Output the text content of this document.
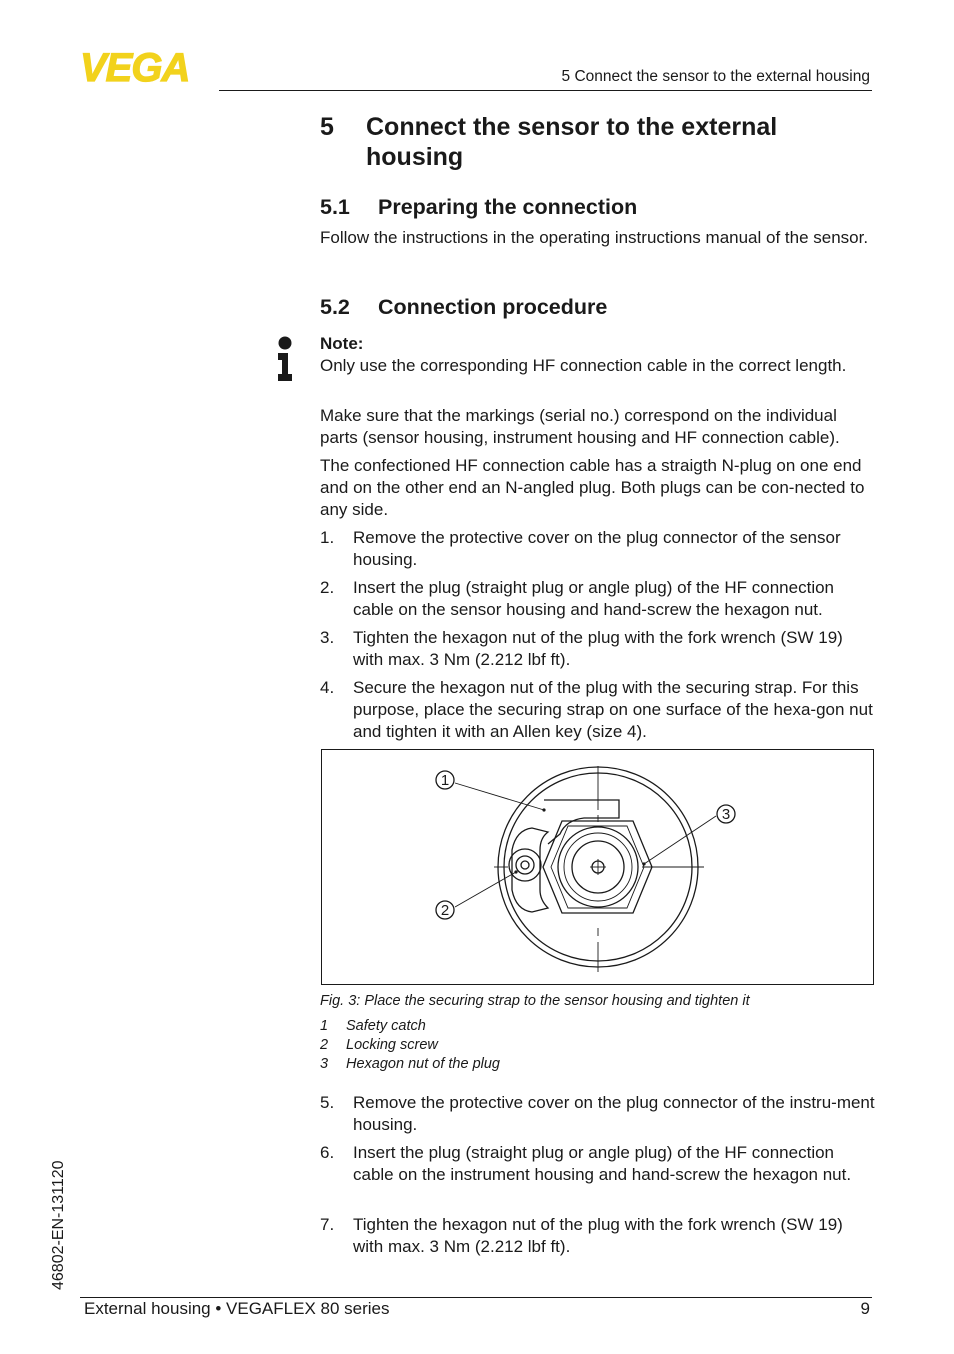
VEGA	5 Connect the sensor to the external housing
5 Connect the sensor to the external housing
5.1 Preparing the connection
Follow the instructions in the operating instructions manual of the sensor.
5.2 Connection procedure
Note:
Only use the corresponding HF connection cable in the correct length.
Make sure that the markings (serial no.) correspond on the individual parts (sensor housing, instrument housing and HF connection cable).
The confectioned HF connection cable has a straigth N-plug on one end and on the other end an N-angled plug. Both plugs can be con-nected to any side.
1. Remove the protective cover on the plug connector of the sensor housing.
2. Insert the plug (straight plug or angle plug) of the HF connection cable on the sensor housing and hand-screw the hexagon nut.
3. Tighten the hexagon nut of the plug with the fork wrench (SW 19) with max. 3 Nm (2.212 lbf ft).
4. Secure the hexagon nut of the plug with the securing strap. For this purpose, place the securing strap on one surface of the hexa-gon nut and tighten it with an Allen key (size 4).
1
2
3
Fig. 3: Place the securing strap to the sensor housing and tighten it
1 Safety catch
2 Locking screw
3 Hexagon nut of the plug
5. Remove the protective cover on the plug connector of the instru-ment housing.
6. Insert the plug (straight plug or angle plug) of the HF connection cable on the instrument housing and hand-screw the hexagon nut.
7. Tighten the hexagon nut of the plug with the fork wrench (SW 19) with max. 3 Nm (2.212 lbf ft).
46802-EN-131120
External housing • VEGAFLEX 80 series	9
